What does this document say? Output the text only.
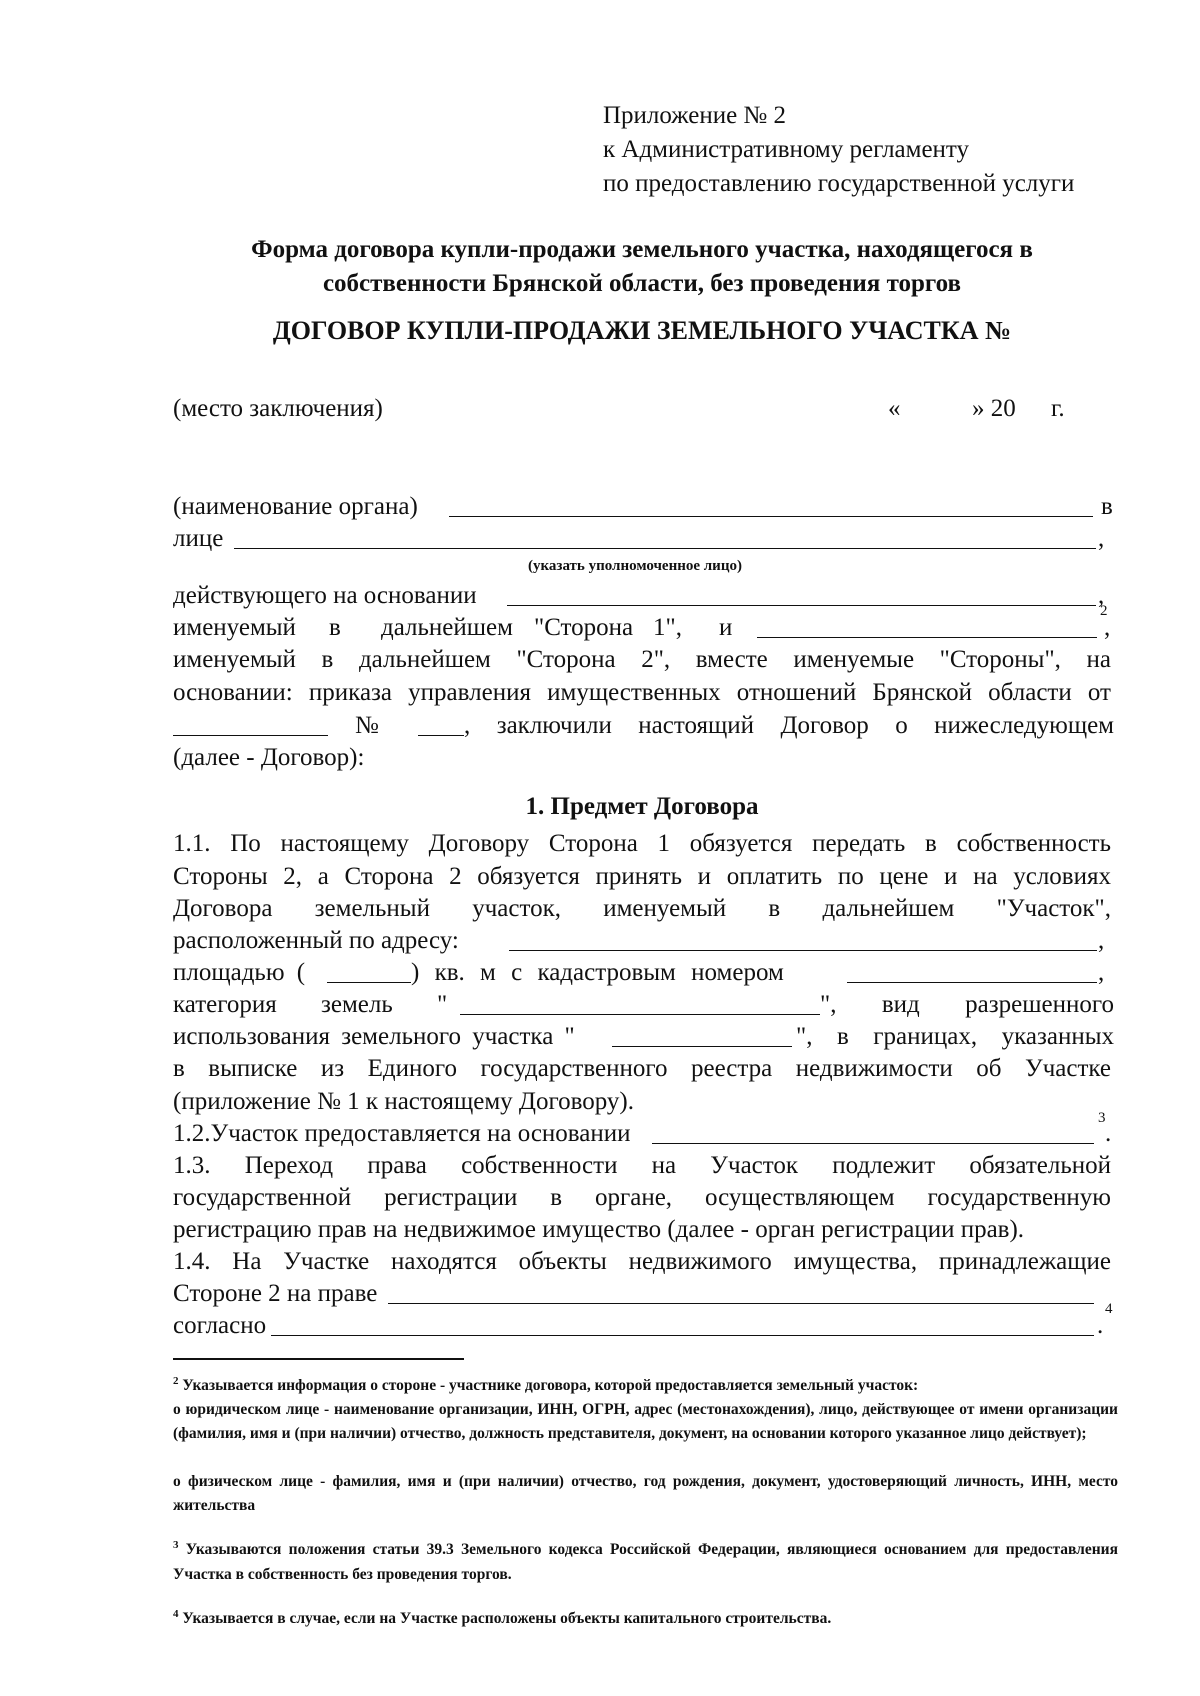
Приложение № 2
к Административному регламенту
по предоставлению государственной услуги
Форма договора купли-продажи земельного участка, находящегося в
собственности Брянской области, без проведения торгов
ДОГОВОР КУПЛИ-ПРОДАЖИ ЗЕМЕЛЬНОГО УЧАСТКА №
(место заключения)	«	» 20 г.
(наименование органа)	в
лице	,
(указать уполномоченное лицо)
действующего на основании	,
именуемый в дальнейшем "Сторона 1", и
2
,
именуемый в дальнейшем "Сторона 2", вместе именуемые "Стороны", на
основании: приказа управления имущественных отношений Брянской области от
№	, заключили настоящий Договор о нижеследующем
(далее - Договор):
1. Предмет Договора
1.1. По настоящему Договору Сторона 1 обязуется передать в собственность
Стороны 2, а Сторона 2 обязуется принять и оплатить по цене и на условиях
Договора земельный участок, именуемый в дальнейшем "Участок",
расположенный по адресу:	,
площадью (	) кв. м с кадастровым номером	,
категория земель "	", вид разрешенного
использования земельного участка "	", в границах, указанных
в выписке из Единого государственного реестра недвижимости об Участке
(приложение № 1 к настоящему Договору).
1.2.Участок предоставляется на основании
3
.
1.3. Переход права собственности на Участок подлежит обязательной
государственной регистрации в органе, осуществляющем государственную
регистрацию прав на недвижимое имущество (далее - орган регистрации прав).
1.4. На Участке находятся объекты недвижимого имущества, принадлежащие
Стороне 2 на праве
согласно	.
4
$^2$ Указывается информация о стороне - участнике договора, которой предоставляется земельный участок:
о юридическом лице - наименование организации, ИНН, ОГРН, адрес (местонахождения), лицо, действующее от имени организации (фамилия, имя и (при наличии) отчество, должность представителя, документ, на основании которого указанное лицо действует);
о физическом лице - фамилия, имя и (при наличии) отчество, год рождения, документ, удостоверяющий личность, ИНН, место жительства
$^3$ Указываются положения статьи 39.3 Земельного кодекса Российской Федерации, являющиеся основанием для предоставления Участка в собственность без проведения торгов.
$^4$ Указывается в случае, если на Участке расположены объекты капитального строительства.
